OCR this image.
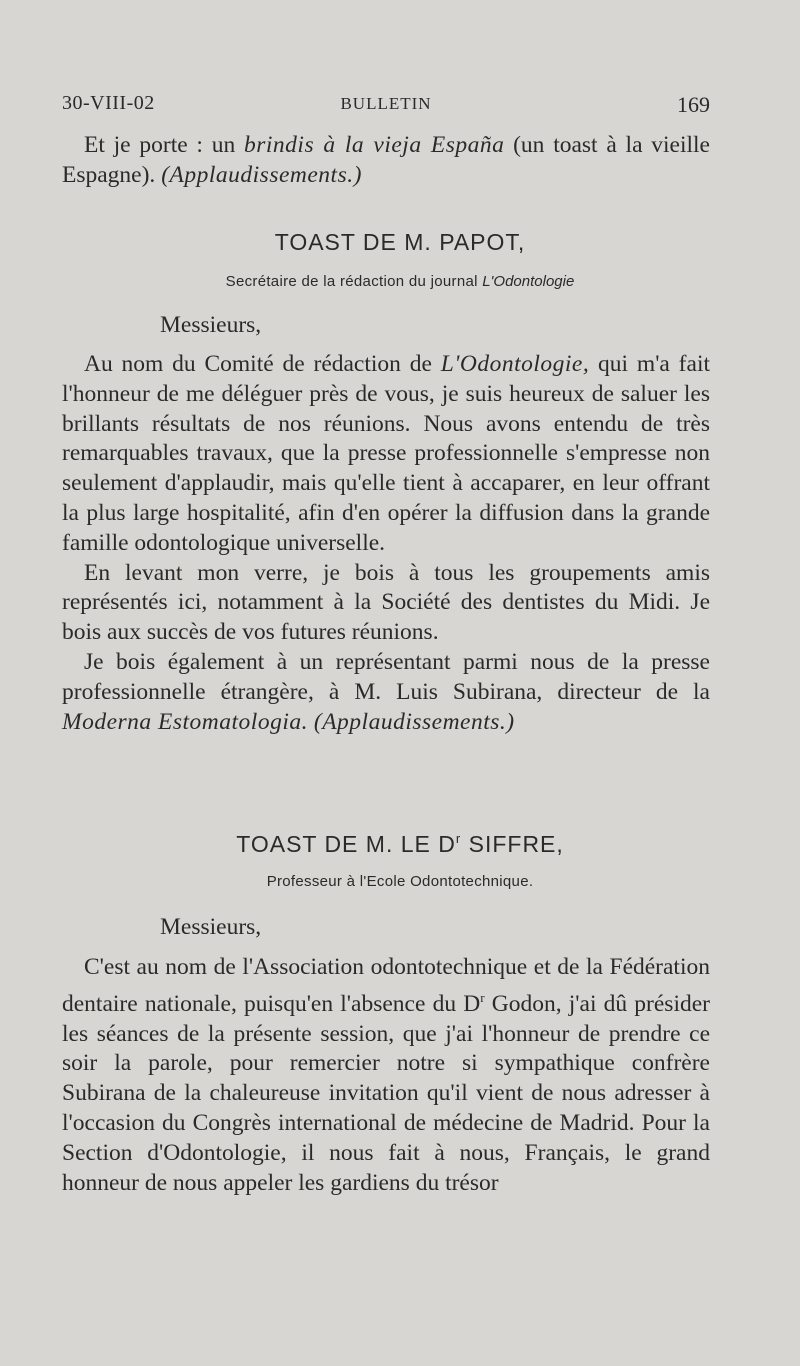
30-VIII-02	BULLETIN	169

Et je porte : un brindis à la vieja España (un toast à la vieille Espagne). (Applaudissements.)

TOAST DE M. PAPOT,
Secrétaire de la rédaction du journal L'Odontologie
Messieurs,

Au nom du Comité de rédaction de L'Odontologie, qui m'a fait l'honneur de me déléguer près de vous, je suis heureux de saluer les brillants résultats de nos réunions. Nous avons entendu de très remarquables travaux, que la presse professionnelle s'empresse non seulement d'applaudir, mais qu'elle tient à accaparer, en leur offrant la plus large hospitalité, afin d'en opérer la diffusion dans la grande famille odontologique universelle.

En levant mon verre, je bois à tous les groupements amis représentés ici, notamment à la Société des dentistes du Midi. Je bois aux succès de vos futures réunions.

Je bois également à un représentant parmi nous de la presse professionnelle étrangère, à M. Luis Subirana, directeur de la Moderna Estomatologia. (Applaudissements.)

TOAST DE M. LE $D^r$ SIFFRE,
Professeur à l'Ecole Odontotechnique.
Messieurs,

C'est au nom de l'Association odontotechnique et de la Fédération dentaire nationale, puisqu'en l'absence du $D^r$ Godon, j'ai dû présider les séances de la présente session, que j'ai l'honneur de prendre ce soir la parole, pour remercier notre si sympathique confrère Subirana de la chaleureuse invitation qu'il vient de nous adresser à l'occasion du Congrès international de médecine de Madrid. Pour la Section d'Odontologie, il nous fait à nous, Français, le grand honneur de nous appeler les gardiens du trésor
